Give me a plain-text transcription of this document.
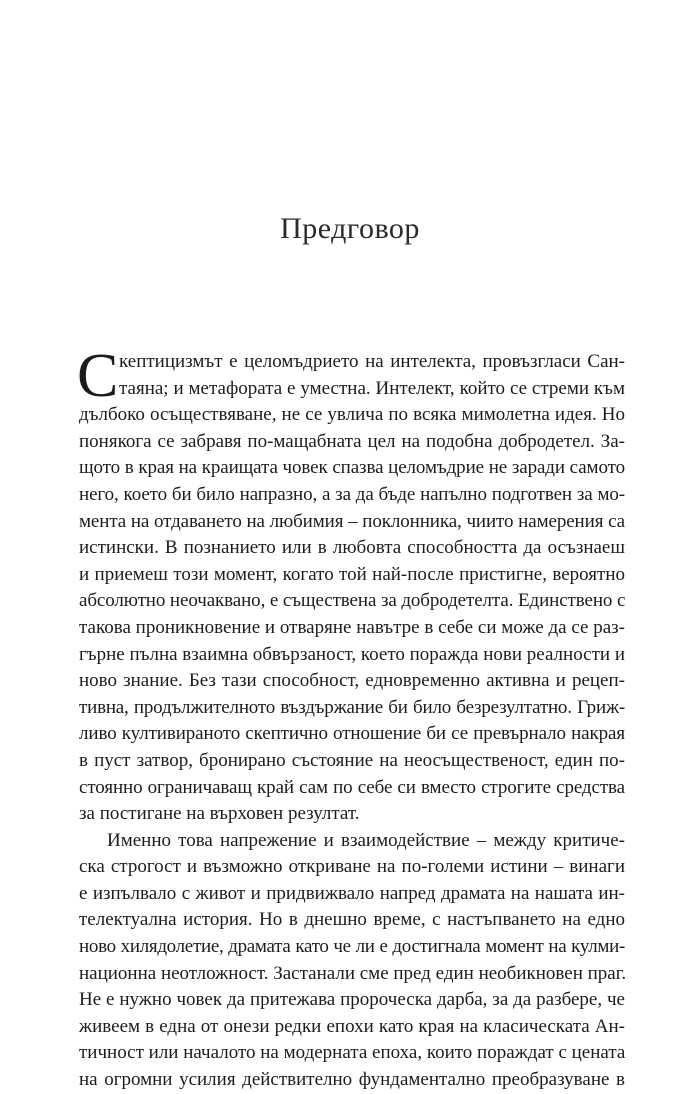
Предговор
С кептицизмът е целомъдрието на интелекта, провъзгласи Сан-
таяна; и метафората е уместна. Интелект, който се стреми към
дълбоко осъществяване, не се увлича по всяка мимолетна идея. Но
понякога се забравя по-мащабната цел на подобна добродетел. За-
щото в края на краищата човек спазва целомъдрие не заради самото
него, което би било напразно, а за да бъде напълно подготвен за мо-
мента на отдаването на любимия – поклонника, чиито намерения са
истински. В познанието или в любовта способността да осъзнаеш
и приемеш този момент, когато той най-после пристигне, вероятно
абсолютно неочаквано, е съществена за добродетелта. Единствено с
такова проникновение и отваряне навътре в себе си може да се раз-
гърне пълна взаимна обвързаност, което поражда нови реалности и
ново знание. Без тази способност, едновременно активна и рецеп-
тивна, продължителното въздържание би било безрезултатно. Гриж-
ливо култивираното скептично отношение би се превърнало накрая
в пуст затвор, бронирано състояние на неосъщественост, един по-
стоянно ограничаващ край сам по себе си вместо строгите средства
за постигане на върховен резултат.
Именно това напрежение и взаимодействие – между критиче-
ска строгост и възможно откриване на по-големи истини – винаги
е изпълвало с живот и придвижвало напред драмата на нашата ин-
телектуална история. Но в днешно време, с настъпването на едно
ново хилядолетие, драмата като че ли е достигнала момент на кулми-
национна неотложност. Застанали сме пред един необикновен праг.
Не е нужно човек да притежава пророческа дарба, за да разбере, че
живеем в една от онези редки епохи като края на класическата Ан-
тичност или началото на модерната епоха, които пораждат с цената
на огромни усилия действително фундаментално преобразуване в
